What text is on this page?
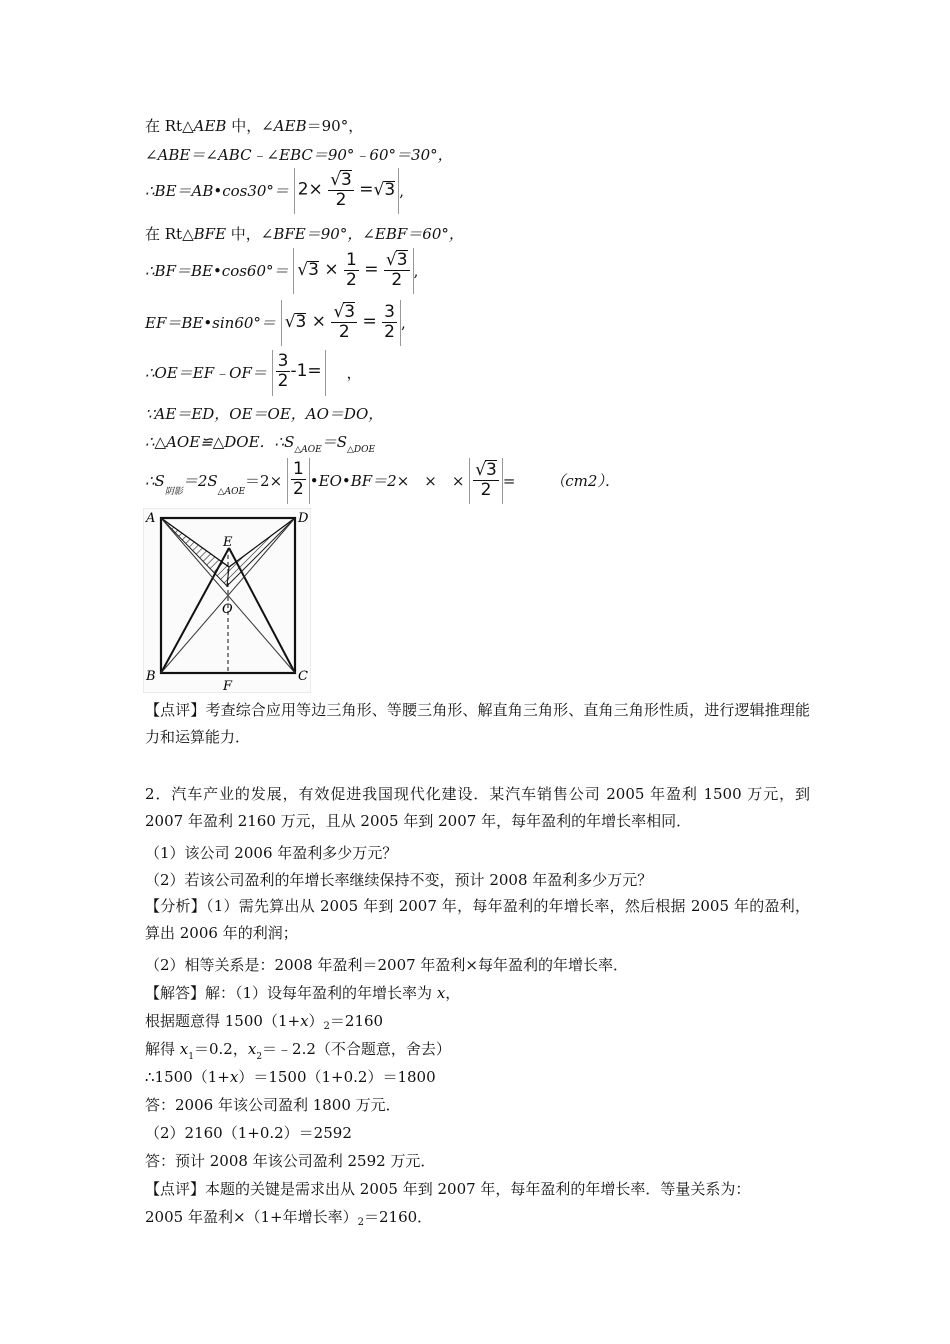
在 Rt△AEB 中，∠AEB＝90°，
∠ABE＝∠ABC﹣∠EBC＝90°﹣60°＝30°，
∴BE＝AB•cos30°＝ $2\times \frac{√3}{2} =√3$ ,
在 Rt△BFE 中，∠BFE＝90°，∠EBF＝60°，
∴BF＝BE•cos60°＝ $√3 \times \frac{1}{2} = \frac{√3}{2}$ ,
EF＝BE•sin60°＝ $√3 \times \frac{√3}{2} = \frac{3}{2}$ ,
∴OE＝EF﹣OF＝ $\frac{3}{2} -1=$ ，
∵AE＝ED，OE＝OE，AO＝DO，
∴△AOE≌△DOE．$\therefore S_{\triangle AOE}=S_{\triangle DOE}$
$\therefore S_{阴影}=2S_{\triangle AOE}=2\times \frac{1}{2}$ •EO•BF＝2×　×　× $\frac{√3}{2} = (cm2)$．
A	D
E
O
B	C
F
【点评】考查综合应用等边三角形、等腰三角形、解直角三角形、直角三角形性质，进行逻辑推理能力和运算能力．
2．汽车产业的发展，有效促进我国现代化建设．某汽车销售公司 2005 年盈利 1500 万元，到 2007 年盈利 2160 万元，且从 2005 年到 2007 年，每年盈利的年增长率相同．
（1）该公司 2006 年盈利多少万元？
（2）若该公司盈利的年增长率继续保持不变，预计 2008 年盈利多少万元？
【分析】（1）需先算出从 2005 年到 2007 年，每年盈利的年增长率，然后根据 2005 年的盈利，算出 2006 年的利润；
（2）相等关系是：2008 年盈利＝2007 年盈利×每年盈利的年增长率．
【解答】解：（1）设每年盈利的年增长率为 x，
根据题意得 $1500(1+x)_2=2160$
解得 $x_1=0.2$，$x_2=﹣2.2$（不合题意，舍去）
∴1500（1+x）＝1500（1+0.2）＝1800
答：2006 年该公司盈利 1800 万元．
（2）2160（1+0.2）＝2592
答：预计 2008 年该公司盈利 2592 万元．
【点评】本题的关键是需求出从 2005 年到 2007 年，每年盈利的年增长率．等量关系为：
2005 年盈利×（1+年增长率）$_2=2160$．
